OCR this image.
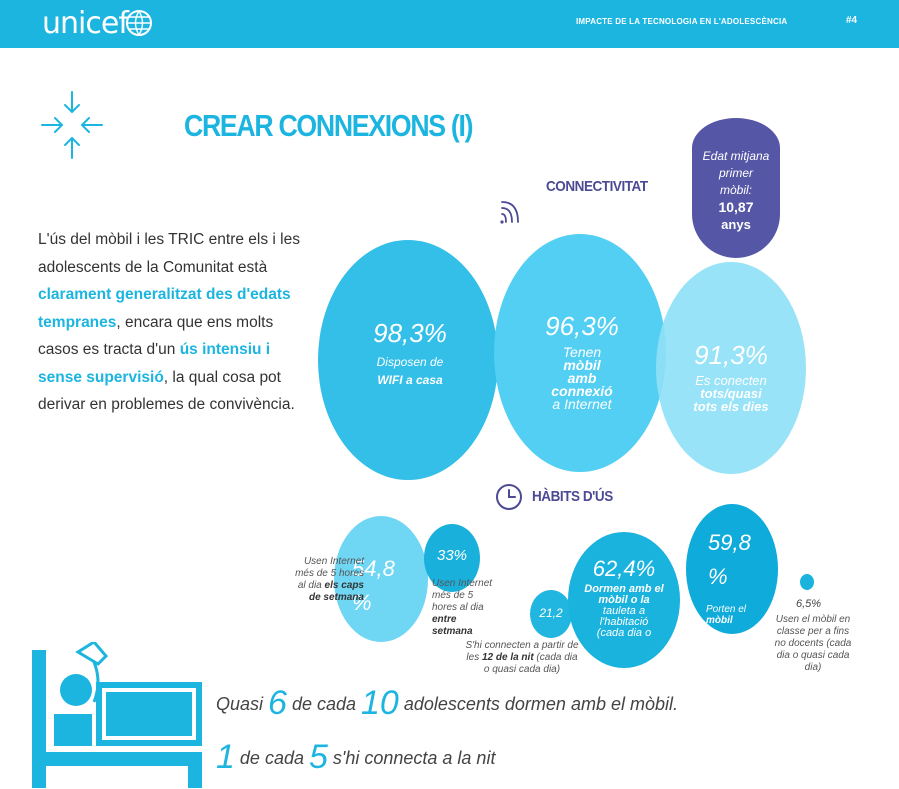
unicef	IMPACTE DE LA TECNOLOGIA EN L'ADOLESCÈNCIA	#4
CREAR CONNEXIONS (I)
L'ús del mòbil i les TRIC entre els i les adolescents de la Comunitat està clarament generalitzat des d'edats tempranes, encara que ens molts casos es tracta d'un ús intensiu i sense supervisió, la qual cosa pot derivar en problemes de convivència.
CONNECTIVITAT
Edat mitjana
primer
mòbil:
10,87
anys
98,3%
Disposen de
WIFI a casa
96,3%
Tenen
mòbil
amb
connexió
a Internet
91,3%
Es conecten
tots/quasi
tots els dies
HÀBITS D'ÚS
54,8
%
Usen Internet
més de 5 hores
al dia els caps
de setmana
33%
Usen Internet
més de 5
hores al dia
entre
setmana
21,2
S'hi connecten a partir de
les 12 de la nit (cada dia
o quasi cada dia)
62,4%
Dormen amb el
mòbil o la
tauleta a
l'habitació
(cada dia o
59,8
%
Porten el
mòbil
6,5%
Usen el mòbil en
classe per a fins
no docents (cada
dia o quasi cada
dia)
Quasi 6 de cada 10 adolescents dormen amb el mòbil.
1 de cada 5 s'hi connecta a la nit
